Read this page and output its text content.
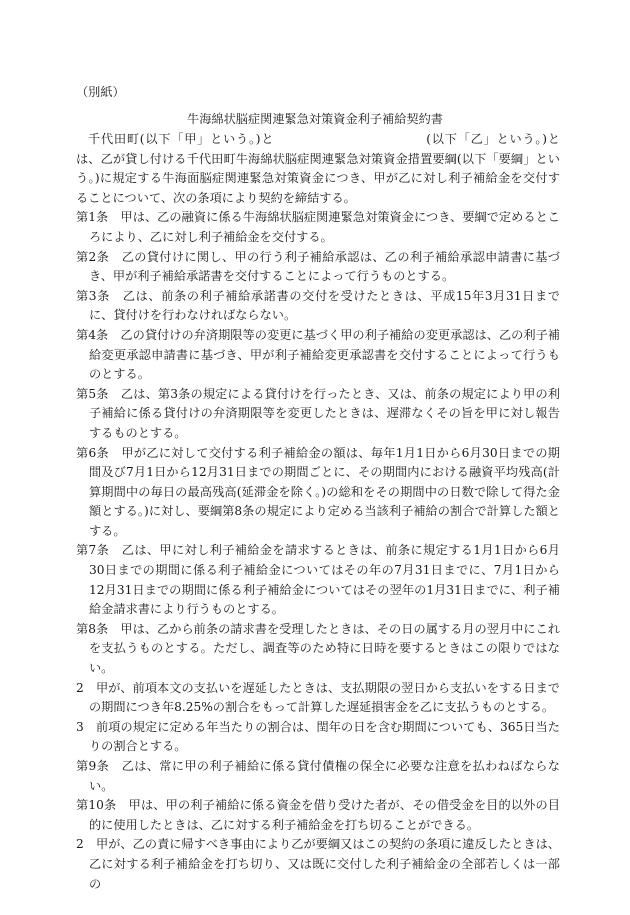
（別紙）
牛海綿状脳症関連緊急対策資金利子補給契約書

千代田町(以下「甲」という。)と	(以下「乙」という。)とは、乙が貸し付ける千代田町牛海綿状脳症関連緊急対策資金措置要綱(以下「要綱」という。)に規定する牛海面脳症関連緊急対策資金につき、甲が乙に対し利子補給金を交付することについて、次の条項により契約を締結する。

第1条　甲は、乙の融資に係る牛海綿状脳症関連緊急対策資金につき、要綱で定めるところにより、乙に対し利子補給金を交付する。

第2条　乙の貸付けに関し、甲の行う利子補給承認は、乙の利子補給承認申請書に基づき、甲が利子補給承諾書を交付することによって行うものとする。

第3条　乙は、前条の利子補給承諾書の交付を受けたときは、平成15年3月31日までに、貸付けを行わなければならない。

第4条　乙の貸付けの弁済期限等の変更に基づく甲の利子補給の変更承認は、乙の利子補給変更承認申請書に基づき、甲が利子補給変更承認書を交付することによって行うものとする。

第5条　乙は、第3条の規定による貸付けを行ったとき、又は、前条の規定により甲の利子補給に係る貸付けの弁済期限等を変更したときは、遅滞なくその旨を甲に対し報告するものとする。

第6条　甲が乙に対して交付する利子補給金の額は、毎年1月1日から6月30日までの期間及び7月1日から12月31日までの期間ごとに、その期間内における融資平均残高(計算期間中の毎日の最高残高(延滞金を除く。)の総和をその期間中の日数で除して得た金額とする。)に対し、要綱第8条の規定により定める当該利子補給の割合で計算した額とする。

第7条　乙は、甲に対し利子補給金を請求するときは、前条に規定する1月1日から6月30日までの期間に係る利子補給金についてはその年の7月31日までに、7月1日から12月31日までの期間に係る利子補給金についてはその翌年の1月31日までに、利子補給金請求書により行うものとする。

第8条　甲は、乙から前条の請求書を受理したときは、その日の属する月の翌月中にこれを支払うものとする。ただし、調査等のため特に日時を要するときはこの限りではない。

2　甲が、前項本文の支払いを遅延したときは、支払期限の翌日から支払いをする日までの期間につき年8.25%の割合をもって計算した遅延損害金を乙に支払うものとする。

3　前項の規定に定める年当たりの割合は、閏年の日を含む期間についても、365日当たりの割合とする。

第9条　乙は、常に甲の利子補給に係る貸付債権の保全に必要な注意を払わねばならない。

第10条　甲は、甲の利子補給に係る資金を借り受けた者が、その借受金を目的以外の目的に使用したときは、乙に対する利子補給金を打ち切ることができる。

2　甲が、乙の責に帰すべき事由により乙が要綱又はこの契約の条項に違反したときは、乙に対する利子補給金を打ち切り、又は既に交付した利子補給金の全部若しくは一部の
